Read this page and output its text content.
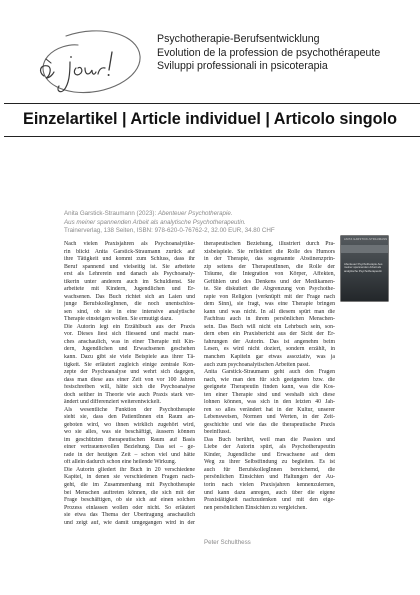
Psychotherapie-Berufsentwicklung
Evolution de la profession de psychothérapeute
Sviluppi professionali in psicoterapia
Einzelartikel | Article individuel | Articolo singolo
Anita Garstick-Straumann (2023): Abenteuer Psychotherapie.
Aus meiner spannenden Arbeit als analytische Psychotherapeutin.
Trainerverlag, 138 Seiten, ISBN: 978-620-0-76762-2, 32.00 EUR, 34.80 CHF
ANITA GARSTICK-STRAUMANN
Abenteuer Psychotherapie Aus meiner spannenden Arbeit als analytische Psychotherapeutin
Nach vielen Praxisjahren als Psychoanalytike-
rin blickt Anita Garstick-Straumann zurück auf
ihre Tätigkeit und kommt zum Schluss, dass ihr
Beruf spannend und vielseitig ist. Sie arbeitete
erst als Lehrerein und danach als Psychoanaly-
tikerin unter anderem auch im Schuldienst. Sie
arbeitete mit Kindern, Jugendlichen und Er-
wachsenen. Das Buch richtet sich an Laien und
junge BerufskollegInnen, die noch unentschlos-
sen sind, ob sie in eine intensive analytische
Therapie einsteigen wollen. Sie ermutigt dazu.
Die Autorin legt ein Erzählbuch aus der Praxis
vor. Dieses liest sich fliessend und macht man-
ches anschaulich, was in einer Therapie mit Kin-
dern, Jugendlichen und Erwachsenen geschehen
kann. Dazu gibt sie viele Beispiele aus ihrer Tä-
tigkeit. Sie erläutert zugleich einige zentrale Kon-
zepte der Psychoanalyse und wehrt sich dagegen,
dass man diese aus einer Zeit von vor 100 Jahren
festschreiben will, hätte sich die Psychoanalyse
doch seither in Theorie wie auch Praxis stark ver-
ändert und differenziert weiterentwickelt.
Als wesentliche Funktion der Psychotherapie
sieht sie, dass den PatientInnen ein Raum an-
geboten wird, wo ihnen wirklich zugehört wird,
wo sie alles, was sie beschäftigt, äussern können
im geschützten therapeutischen Raum auf Basis
einer vertrauensvollen Beziehung. Das sei – ge-
rade in der heutigen Zeit – schon viel und hätte
oft allein dadurch schon eine heilende Wirkung.
Die Autorin gliedert ihr Buch in 20 verschiedene
Kapitel, in denen sie verschiedenen Fragen nach-
geht, die im Zusammenhang mit Psychotherapie
bei Menschen auftreten können, die sich mit der
Frage beschäftigen, ob sie sich auf einen solchen
Prozess einlassen wollen oder nicht. So erläutert
sie etwa das Thema der Übertragung anschaulich
und zeigt auf, wie damit umgegangen wird in der
therapeutischen Beziehung, illustriert durch Pra-
xisbeispiele. Sie reflektiert die Rolle des Humors
in der Therapie, das sogenannte Abstinenzprin-
zip seitens der TherapeutInnen, die Rolle der
Träume, die Integration von Körper, Affekten,
Gefühlen und des Denkens und der Medikamen-
te. Sie diskutiert die Abgrenzung von Psychothe-
rapie von Religion (verknüpft mit der Frage nach
dem Sinn), sie fragt, was eine Therapie bringen
kann und was nicht. In all diesem spürt man die
Fachfrau auch in ihrem persönlichen Menschen-
sein. Das Buch will nicht ein Lehrbuch sein, son-
dern eben ein Praxisbericht aus der Sicht der Er-
fahrungen der Autorin. Das ist angenehm beim
Lesen, es wird nicht doziert, sondern erzählt, in
manchen Kapiteln gar etwas assoziativ, was ja
auch zum psychoanalytischen Arbeiten passt.
Anita Garstick-Straumann geht auch den Fragen
nach, wie man den für sich geeigneten bzw. die
geeignete Therapeutin finden kann, was die Kos-
ten einer Therapie sind und weshalb sich diese
lohnen können, was sich in den letzten 40 Jah-
ren so alles verändert hat in der Kultur, unserer
Lebensweisen, Normen und Werten, in der Zeit-
geschichte und wie das die therapeutische Praxis
beeinflusst.
Das Buch berührt, weil man die Passion und
Liebe der Autorin spürt, als Psychotherapeutin
Kinder, Jugendliche und Erwachsene auf dem
Weg zu ihrer Selbstfindung zu begleiten. Es ist
auch für BerufskollegInnen bereichernd, die
persönlichen Einsichten und Haltungen der Au-
torin nach vielen Praxisjahren kennenzulernen,
und kann dazu anregen, auch über die eigene
Praxistätigkeit nachzudenken und mit den eige-
nen persönlichen Einsichten zu vergleichen.
Peter Schulthess
